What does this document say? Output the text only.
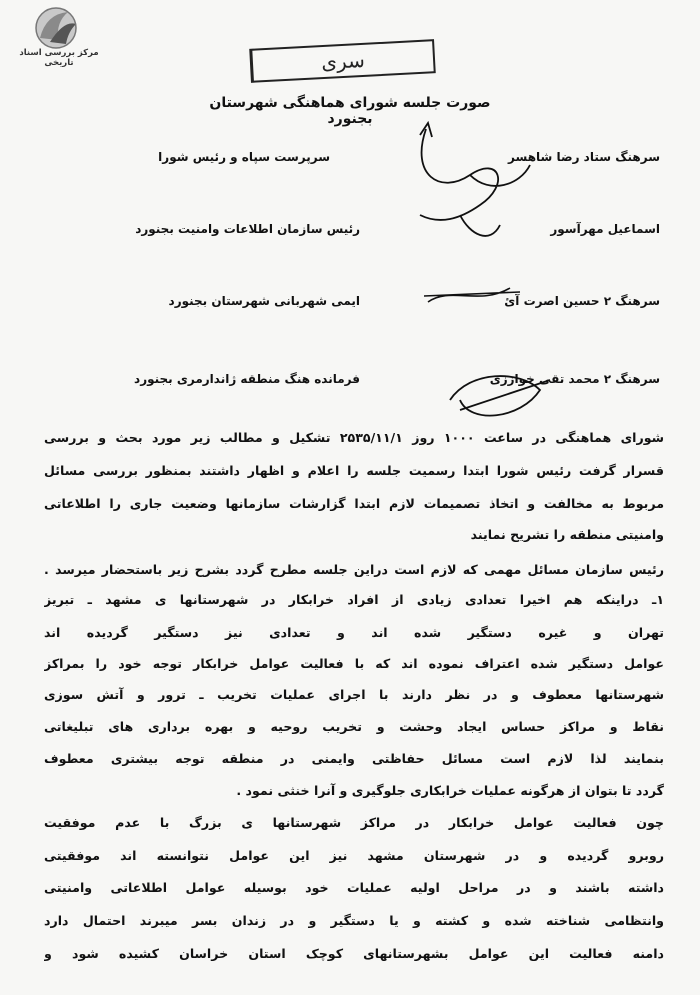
مرکز بررسی اسناد تاریخی	سری
صورت جلسه شورای هماهنگی شهرستان بجنورد
سرهنگ ستاد رضا شاهسر
سرپرست سپاه و رئیس شورا
اسماعیل مهرآسور
رئیس سازمان اطلاعات وامنیت بجنورد
سرهنگ ۲ حسین اصرت آئ
ایمی شهربانی شهرستان بجنورد
سرهنگ ۲ محمد تقی خواززی
فرمانده هنگ منطقه ژاندارمری بجنورد
شورای هماهنگی در ساعت ۱۰۰۰ روز ۲۵۳۵/۱۱/۱ تشکیل و مطالب زیر مورد بحث و بررسی
قسرار گرفت رئیس شورا ابتدا رسمیت جلسه را اعلام و اظهار داشتند بمنظور بررسی مسائل
مربوط به مخالفت و اتخاذ تصمیمات لازم ابتدا گزارشات سازمانها وضعیت جاری را اطلاعاتی
وامنیتی منطقه را تشریح نمایند
رئیس سازمان مسائل مهمی که لازم است دراین جلسه مطرح گردد بشرح زیر باستحضار میرسد .
۱ـ دراینکه هم اخیرا تعدادی زیادی از افراد خرابکار در شهرستانها ی مشهد ـ تبریز
تهران و غیره دستگیر شده اند و تعدادی نیز دستگیر گردیده اند
عوامل دستگیر شده اعتراف نموده اند که با فعالیت عوامل خرابکار توجه خود را بمراکز
شهرستانها معطوف و در نظر دارند با اجرای عملیات تخریب ـ ترور و آتش سوزی
نقاط و مراکز حساس ایجاد وحشت و تخریب روحیه و بهره برداری های تبلیغاتی
بنمایند لذا لازم است مسائل حفاظتی وایمنی در منطقه توجه بیشتری معطوف
گردد تا بتوان از هرگونه عملیات خرابکاری جلوگیری و آنرا خنثی نمود .
چون فعالیت عوامل خرابکار در مراکز شهرستانها ی بزرگ با عدم موفقیت
روبرو گردیده و در شهرستان مشهد نیز این عوامل نتوانسته اند موفقیتی
داشته باشند و در مراحل اولیه عملیات خود بوسیله عوامل اطلاعاتی وامنیتی
وانتظامی شناخته شده و کشته و یا دستگیر و در زندان بسر میبرند احتمال دارد
دامنه فعالیت این عوامل بشهرستانهای کوچک استان خراسان کشیده شود و
